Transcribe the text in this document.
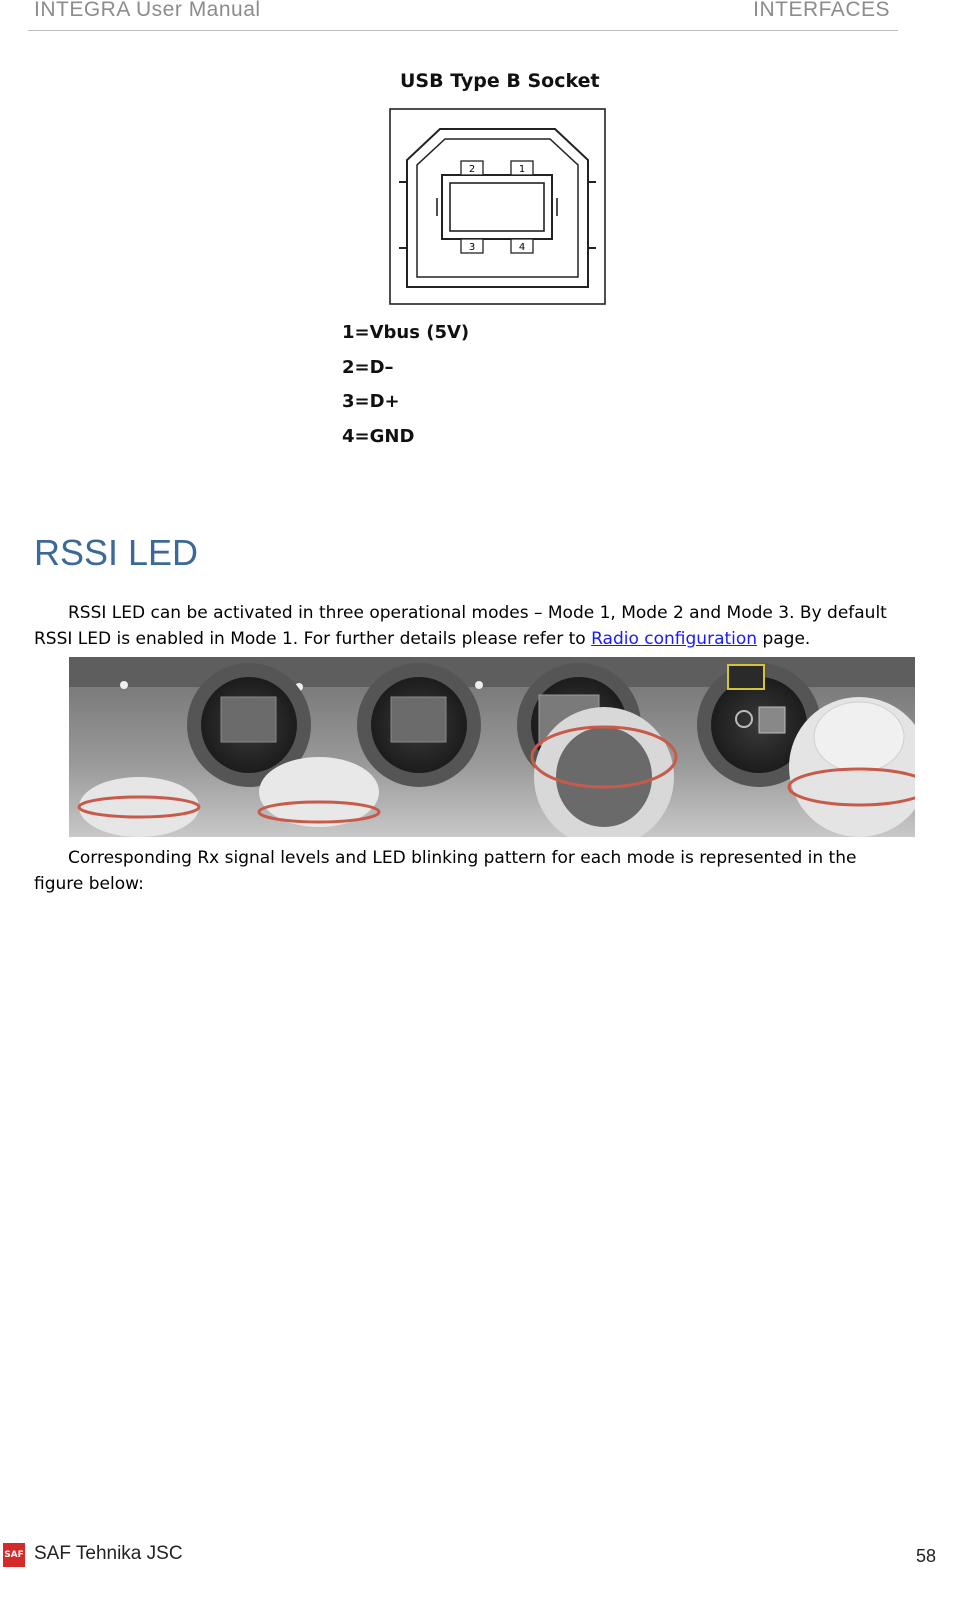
INTEGRA User Manual	INTERFACES
USB Type B Socket
2	1
3	4
1=Vbus (5V)
2=D–
3=D+
4=GND
RSSI LED
RSSI LED can be activated in three operational modes – Mode 1, Mode 2 and Mode 3. By default RSSI LED is enabled in Mode 1. For further details please refer to Radio configuration page.
Corresponding Rx signal levels and LED blinking pattern for each mode is represented in the figure below:
SAF SAF Tehnika JSC	58
